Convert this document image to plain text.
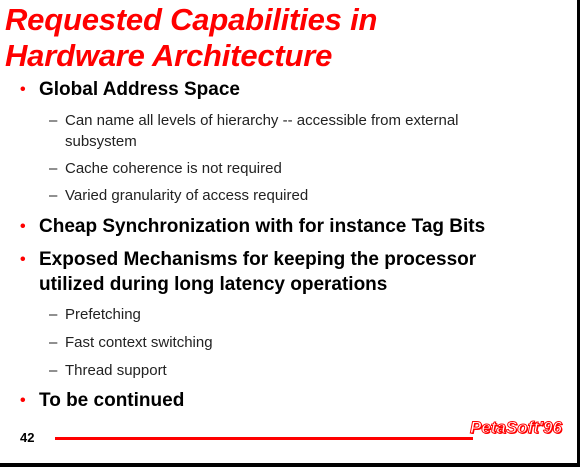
Requested Capabilities in
Hardware Architecture
• Global Address Space
– Can name all levels of hierarchy -- accessible from external subsystem
– Cache coherence is not required
– Varied granularity of access required
• Cheap Synchronization with for instance Tag Bits
• Exposed Mechanisms for keeping the processor utilized during long latency operations
– Prefetching
– Fast context switching
– Thread support
• To be continued
42
PetaSoft'96
